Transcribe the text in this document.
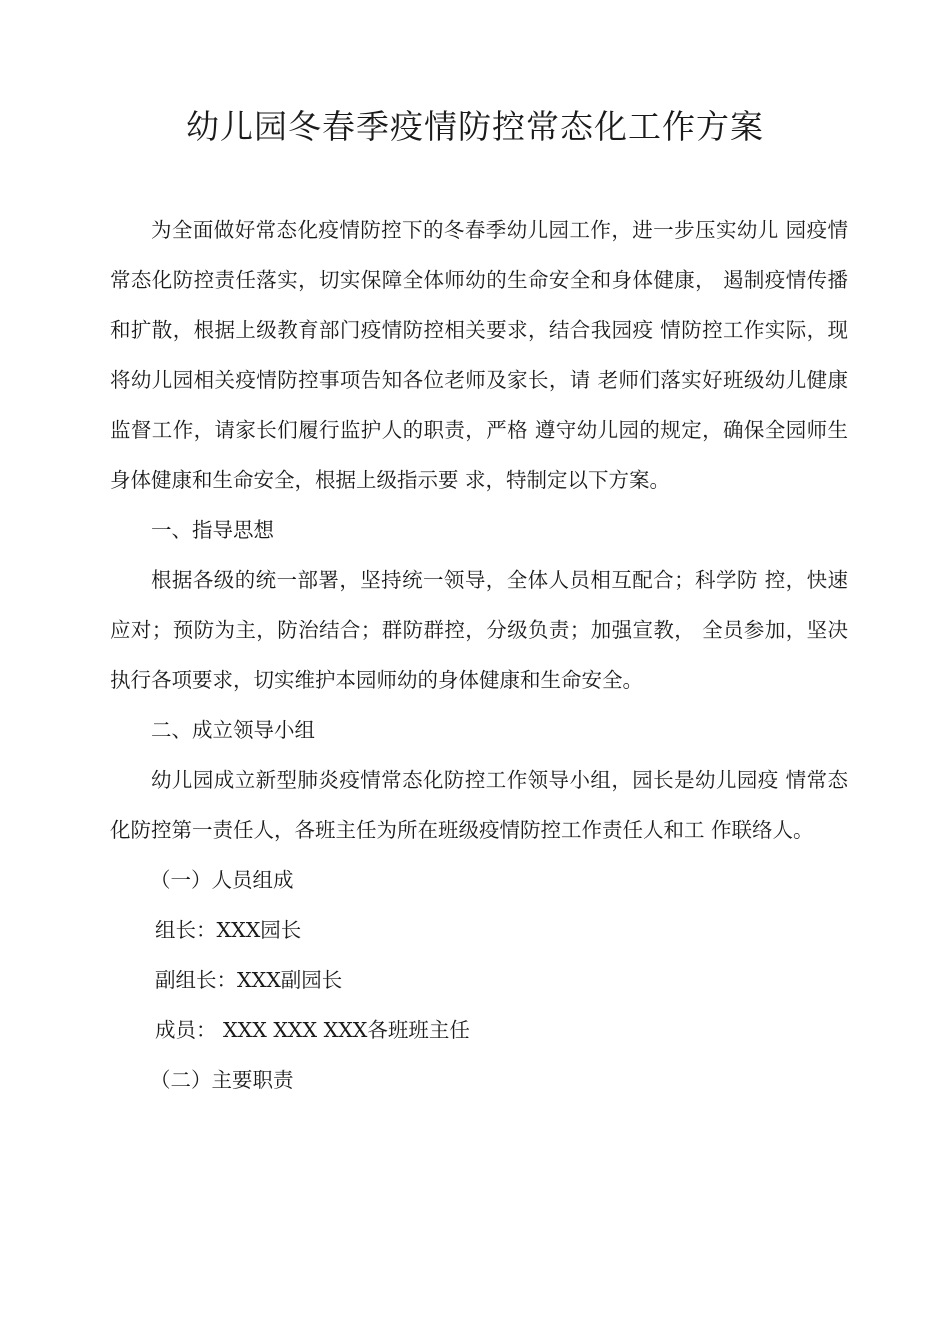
幼儿园冬春季疫情防控常态化工作方案

为全面做好常态化疫情防控下的冬春季幼儿园工作，进一步压实幼儿 园疫情常态化防控责任落实，切实保障全体师幼的生命安全和身体健康， 遏制疫情传播和扩散，根据上级教育部门疫情防控相关要求，结合我园疫 情防控工作实际，现将幼儿园相关疫情防控事项告知各位老师及家长，请 老师们落实好班级幼儿健康监督工作，请家长们履行监护人的职责，严格 遵守幼儿园的规定，确保全园师生身体健康和生命安全，根据上级指示要 求，特制定以下方案。

一、指导思想

根据各级的统一部署，坚持统一领导，全体人员相互配合；科学防 控，快速应对；预防为主，防治结合；群防群控，分级负责；加强宣教， 全员参加，坚决执行各项要求，切实维护本园师幼的身体健康和生命安全。

二、成立领导小组

幼儿园成立新型肺炎疫情常态化防控工作领导小组，园长是幼儿园疫 情常态化防控第一责任人，各班主任为所在班级疫情防控工作责任人和工 作联络人。

（一）人员组成

组长：XXX园长

副组长：XXX副园长

成员： XXX XXX XXX各班班主任

（二）主要职责
